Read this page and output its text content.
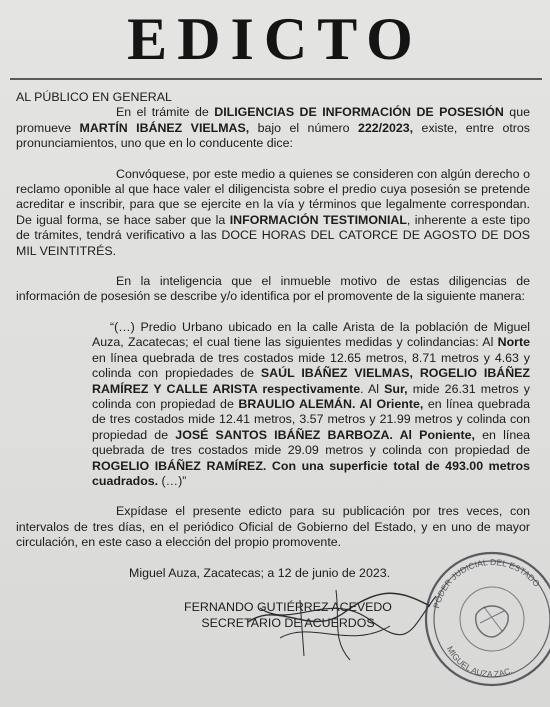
EDICTO

AL PÚBLICO EN GENERAL

En el trámite de DILIGENCIAS DE INFORMACIÓN DE POSESIÓN que promueve MARTÍN IBÁNEZ VIELMAS, bajo el número 222/2023, existe, entre otros pronunciamientos, uno que en lo conducente dice:

Convóquese, por este medio a quienes se consideren con algún derecho o reclamo oponible al que hace valer el diligencista sobre el predio cuya posesión se pretende acreditar e inscribir, para que se ejercite en la vía y términos que legalmente correspondan. De igual forma, se hace saber que la INFORMACIÓN TESTIMONIAL, inherente a este tipo de trámites, tendrá verificativo a las DOCE HORAS DEL CATORCE DE AGOSTO DE DOS MIL VEINTITRÉS.

En la inteligencia que el inmueble motivo de estas diligencias de información de posesión se describe y/o identifica por el promovente de la siguiente manera:

“(…) Predio Urbano ubicado en la calle Arista de la población de Miguel Auza, Zacatecas; el cual tiene las siguientes medidas y colindancias: Al Norte en línea quebrada de tres costados mide 12.65 metros, 8.71 metros y 4.63 y colinda con propiedades de SAÚL IBÁÑEZ VIELMAS, ROGELIO IBÁÑEZ RAMÍREZ Y CALLE ARISTA respectivamente. Al Sur, mide 26.31 metros y colinda con propiedad de BRAULIO ALEMÁN. Al Oriente, en línea quebrada de tres costados mide 12.41 metros, 3.57 metros y 21.99 metros y colinda con propiedad de JOSÉ SANTOS IBÁÑEZ BARBOZA. Al Poniente, en línea quebrada de tres costados mide 29.09 metros y colinda con propiedad de ROGELIO IBÁÑEZ RAMÍREZ. Con una superficie total de 493.00 metros cuadrados. (…)”

Expídase el presente edicto para su publicación por tres veces, con intervalos de tres días, en el periódico Oficial de Gobierno del Estado, y en uno de mayor circulación, en este caso a elección del propio promovente.

Miguel Auza, Zacatecas; a 12 de junio de 2023.

FERNANDO GUTIÉRREZ ACEVEDO
SECRETARIO DE ACUERDOS
PODER JUDICIAL DEL ESTADO
MIGUEL AUZA ZAC.
